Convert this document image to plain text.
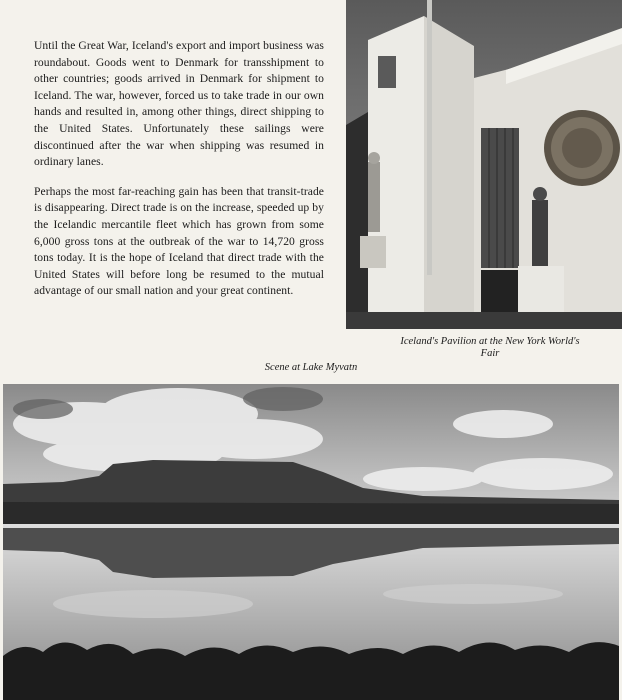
Until the Great War, Iceland's export and import business was roundabout. Goods went to Denmark for transshipment to other countries; goods arrived in Denmark for shipment to Iceland. The war, however, forced us to take trade in our own hands and resulted in, among other things, direct shipping to the United States. Unfortunately these sailings were discontinued after the war when shipping was resumed in ordinary lanes.

Perhaps the most far-reaching gain has been that transit-trade is disappearing. Direct trade is on the increase, speeded up by the Icelandic mercantile fleet which has grown from some 6,000 gross tons at the outbreak of the war to 14,720 gross tons today. It is the hope of Iceland that direct trade with the United States will before long be resumed to the mutual advantage of our small nation and your great continent.

Iceland's Pavilion at the New York World's Fair
Scene at Lake Myvatn
